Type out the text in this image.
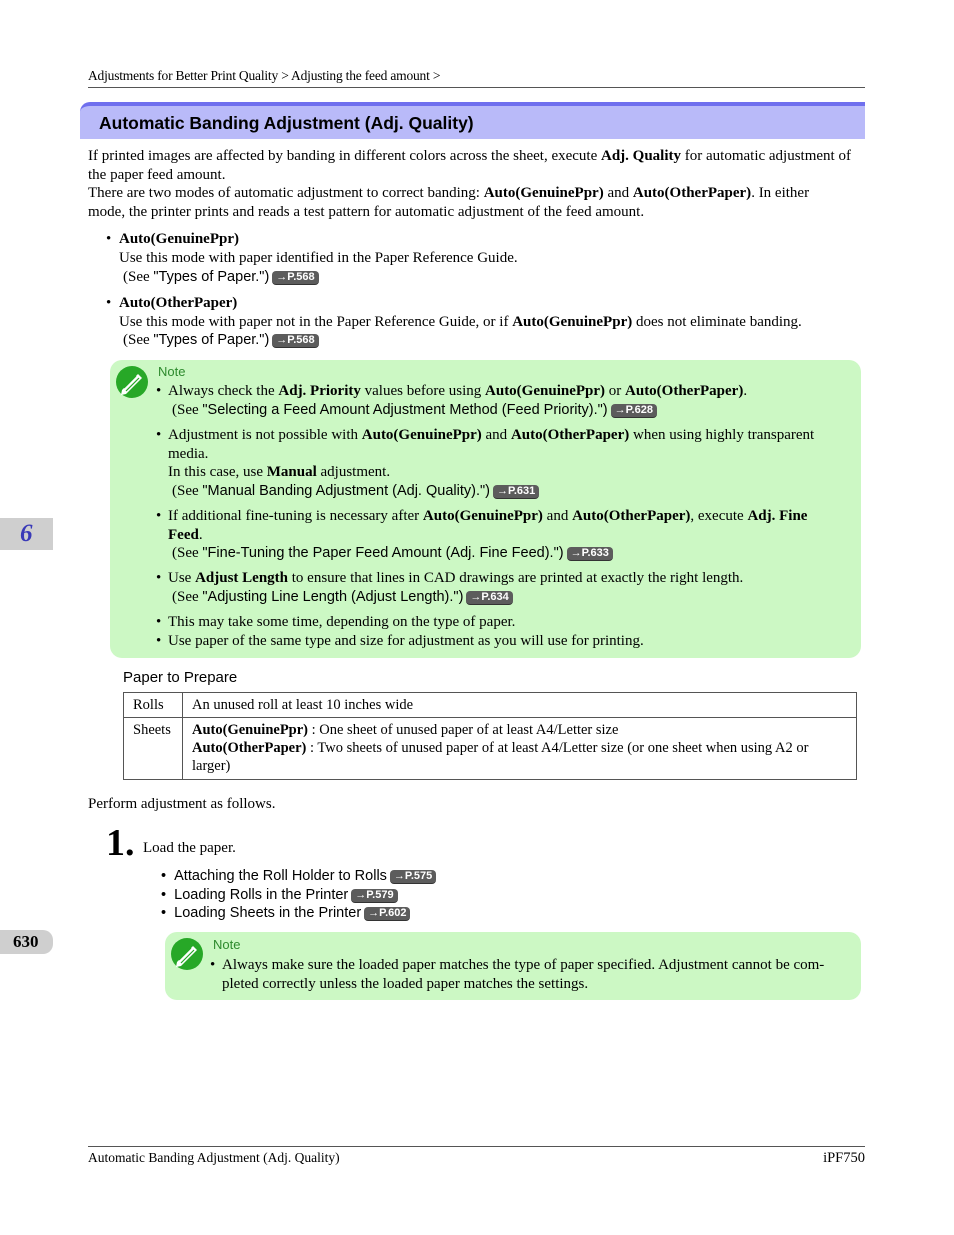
Adjustments for Better Print Quality > Adjusting the feed amount >
Automatic Banding Adjustment (Adj. Quality)
If printed images are affected by banding in different colors across the sheet, execute Adj. Quality for automatic adjustment of the paper feed amount.
There are two modes of automatic adjustment to correct banding: Auto(GenuinePpr) and Auto(OtherPaper). In either mode, the printer prints and reads a test pattern for automatic adjustment of the feed amount.
• Auto(GenuinePpr)
Use this mode with paper identified in the Paper Reference Guide.
(See "Types of Paper.") →P.568
• Auto(OtherPaper)
Use this mode with paper not in the Paper Reference Guide, or if Auto(GenuinePpr) does not eliminate banding.
(See "Types of Paper.") →P.568
Note
• Always check the Adj. Priority values before using Auto(GenuinePpr) or Auto(OtherPaper).
(See "Selecting a Feed Amount Adjustment Method (Feed Priority).") →P.628
• Adjustment is not possible with Auto(GenuinePpr) and Auto(OtherPaper) when using highly transparent
media.
In this case, use Manual adjustment.
(See "Manual Banding Adjustment (Adj. Quality).") →P.631
• If additional fine-tuning is necessary after Auto(GenuinePpr) and Auto(OtherPaper), execute Adj. Fine
Feed.
(See "Fine-Tuning the Paper Feed Amount (Adj. Fine Feed).") →P.633
• Use Adjust Length to ensure that lines in CAD drawings are printed at exactly the right length.
(See "Adjusting Line Length (Adjust Length).") →P.634
• This may take some time, depending on the type of paper.
• Use paper of the same type and size for adjustment as you will use for printing.
Paper to Prepare
Rolls	An unused roll at least 10 inches wide
Sheets	Auto(GenuinePpr) : One sheet of unused paper of at least A4/Letter size
Auto(OtherPaper) : Two sheets of unused paper of at least A4/Letter size (or one sheet when using A2 or
larger)
Perform adjustment as follows.
1. Load the paper.
•  Attaching the Roll Holder to Rolls →P.575
•  Loading Rolls in the Printer →P.579
•  Loading Sheets in the Printer →P.602
Note
• Always make sure the loaded paper matches the type of paper specified. Adjustment cannot be com-
pleted correctly unless the loaded paper matches the settings.
6
630
Automatic Banding Adjustment (Adj. Quality)	iPF750
